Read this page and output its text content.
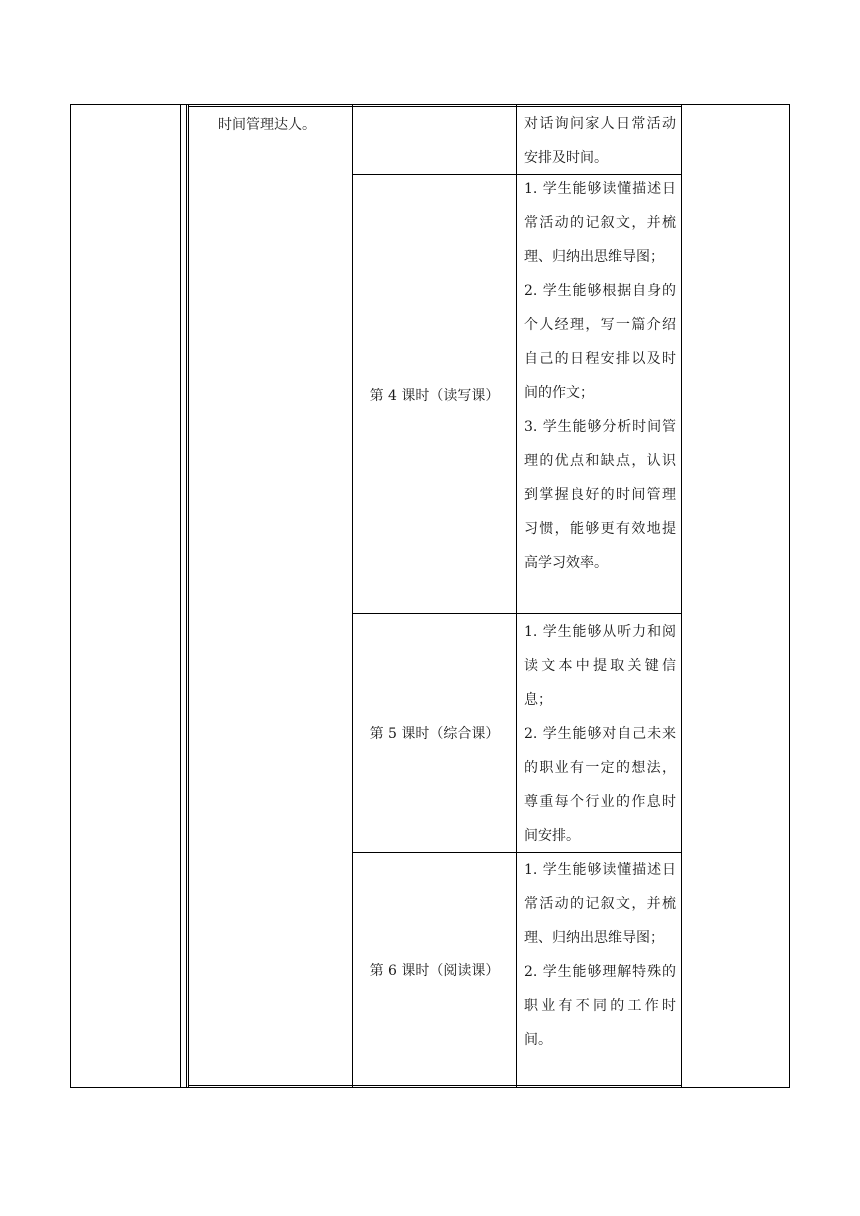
时间管理达人。	对话询问家人日常活动安排及时间。
第 4 课时（读写课）
1. 学生能够读懂描述日常活动的记叙文，并梳理、归纳出思维导图；
2. 学生能够根据自身的个人经理，写一篇介绍自己的日程安排以及时间的作文；
3. 学生能够分析时间管理的优点和缺点，认识到掌握良好的时间管理习惯，能够更有效地提高学习效率。
第 5 课时（综合课）
1. 学生能够从听力和阅读文本中提取关键信息；
2. 学生能够对自己未来的职业有一定的想法，尊重每个行业的作息时间安排。
第 6 课时（阅读课）
1. 学生能够读懂描述日常活动的记叙文，并梳理、归纳出思维导图；
2. 学生能够理解特殊的职业有不同的工作时间。
